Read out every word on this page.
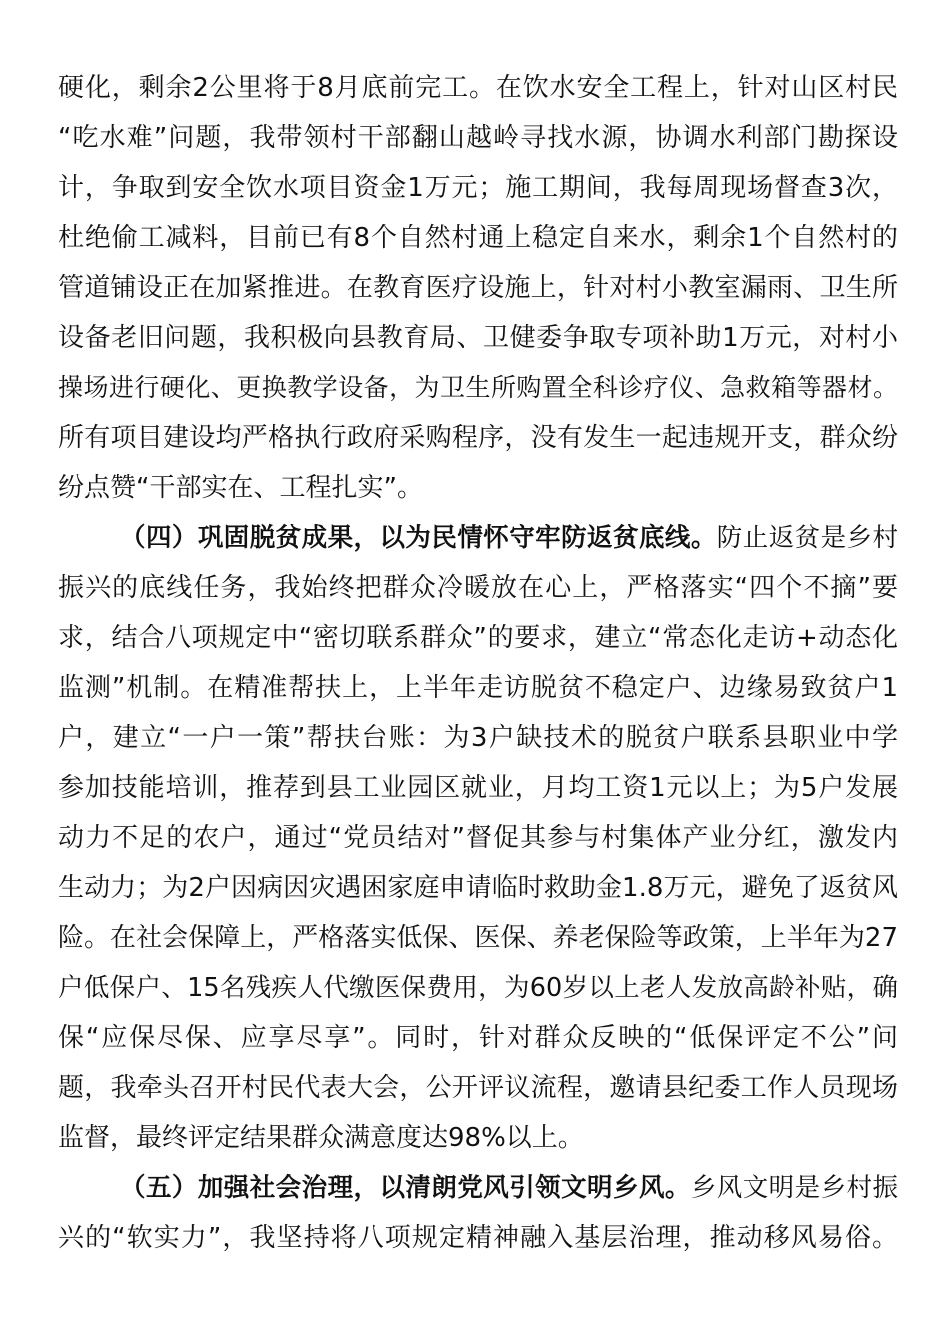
硬化，剩余2公里将于8月底前完工。在饮水安全工程上，针对山区村民
“吃水难”问题，我带领村干部翻山越岭寻找水源，协调水利部门勘探设
计，争取到安全饮水项目资金1万元；施工期间，我每周现场督查3次，
杜绝偷工减料，目前已有8个自然村通上稳定自来水，剩余1个自然村的
管道铺设正在加紧推进。在教育医疗设施上，针对村小教室漏雨、卫生所
设备老旧问题，我积极向县教育局、卫健委争取专项补助1万元，对村小
操场进行硬化、更换教学设备，为卫生所购置全科诊疗仪、急救箱等器材。
所有项目建设均严格执行政府采购程序，没有发生一起违规开支，群众纷
纷点赞“干部实在、工程扎实”。
（四）巩固脱贫成果，以为民情怀守牢防返贫底线。防止返贫是乡村
振兴的底线任务，我始终把群众冷暖放在心上，严格落实“四个不摘”要
求，结合八项规定中“密切联系群众”的要求，建立“常态化走访+动态化
监测”机制。在精准帮扶上，上半年走访脱贫不稳定户、边缘易致贫户1
户，建立“一户一策”帮扶台账：为3户缺技术的脱贫户联系县职业中学
参加技能培训，推荐到县工业园区就业，月均工资1元以上；为5户发展
动力不足的农户，通过“党员结对”督促其参与村集体产业分红，激发内
生动力；为2户因病因灾遇困家庭申请临时救助金1.8万元，避免了返贫风
险。在社会保障上，严格落实低保、医保、养老保险等政策，上半年为27
户低保户、15名残疾人代缴医保费用，为60岁以上老人发放高龄补贴，确
保“应保尽保、应享尽享”。同时，针对群众反映的“低保评定不公”问
题，我牵头召开村民代表大会，公开评议流程，邀请县纪委工作人员现场
监督，最终评定结果群众满意度达98%以上。
（五）加强社会治理，以清朗党风引领文明乡风。乡风文明是乡村振
兴的“软实力”，我坚持将八项规定精神融入基层治理，推动移风易俗。
